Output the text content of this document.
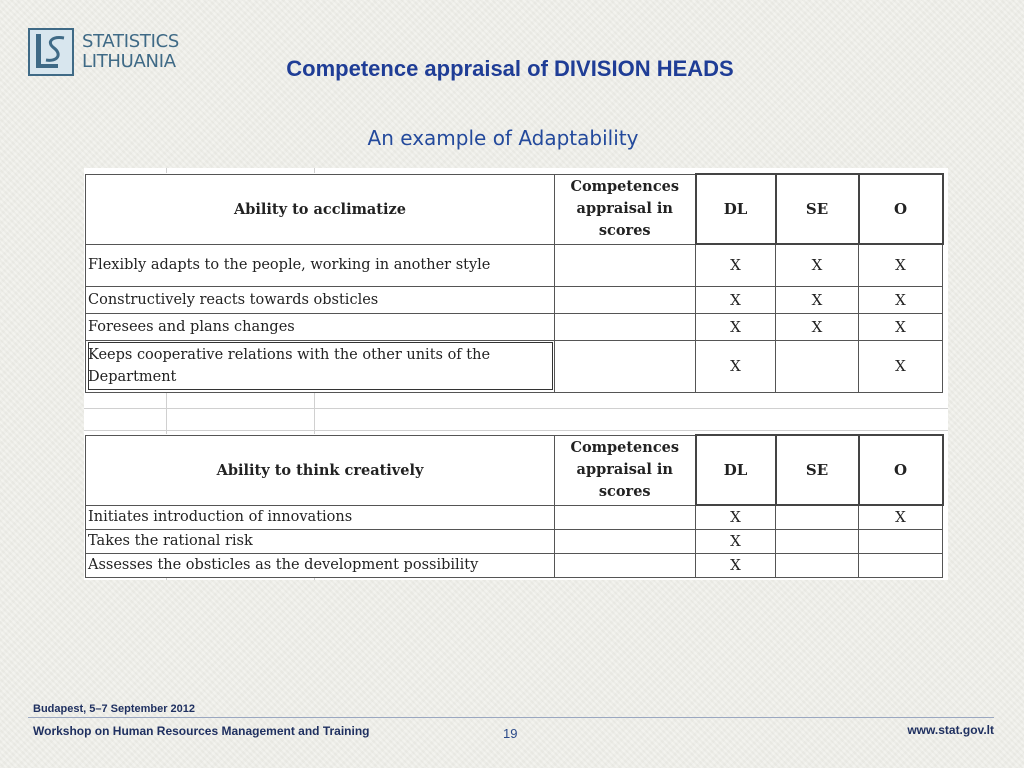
STATISTICS
LITHUANIA	Competence appraisal of DIVISION HEADS
An example of Adaptability
Ability to acclimatize	Competences
appraisal in
scores	DL	SE	O
Flexibly adapts to the people, working in another style		X	X	X
Constructively reacts towards obsticles		X	X	X
Foresees and plans changes		X	X	X
Keeps cooperative relations with the other units of the Department		X		X
Ability to think creatively	Competences
appraisal in
scores	DL	SE	O
Initiates introduction of innovations		X		X
Takes the rational risk		X		
Assesses the obsticles as the development possibility		X		
Budapest, 5–7 September 2012
Workshop on Human Resources Management and Training	19	www.stat.gov.lt
